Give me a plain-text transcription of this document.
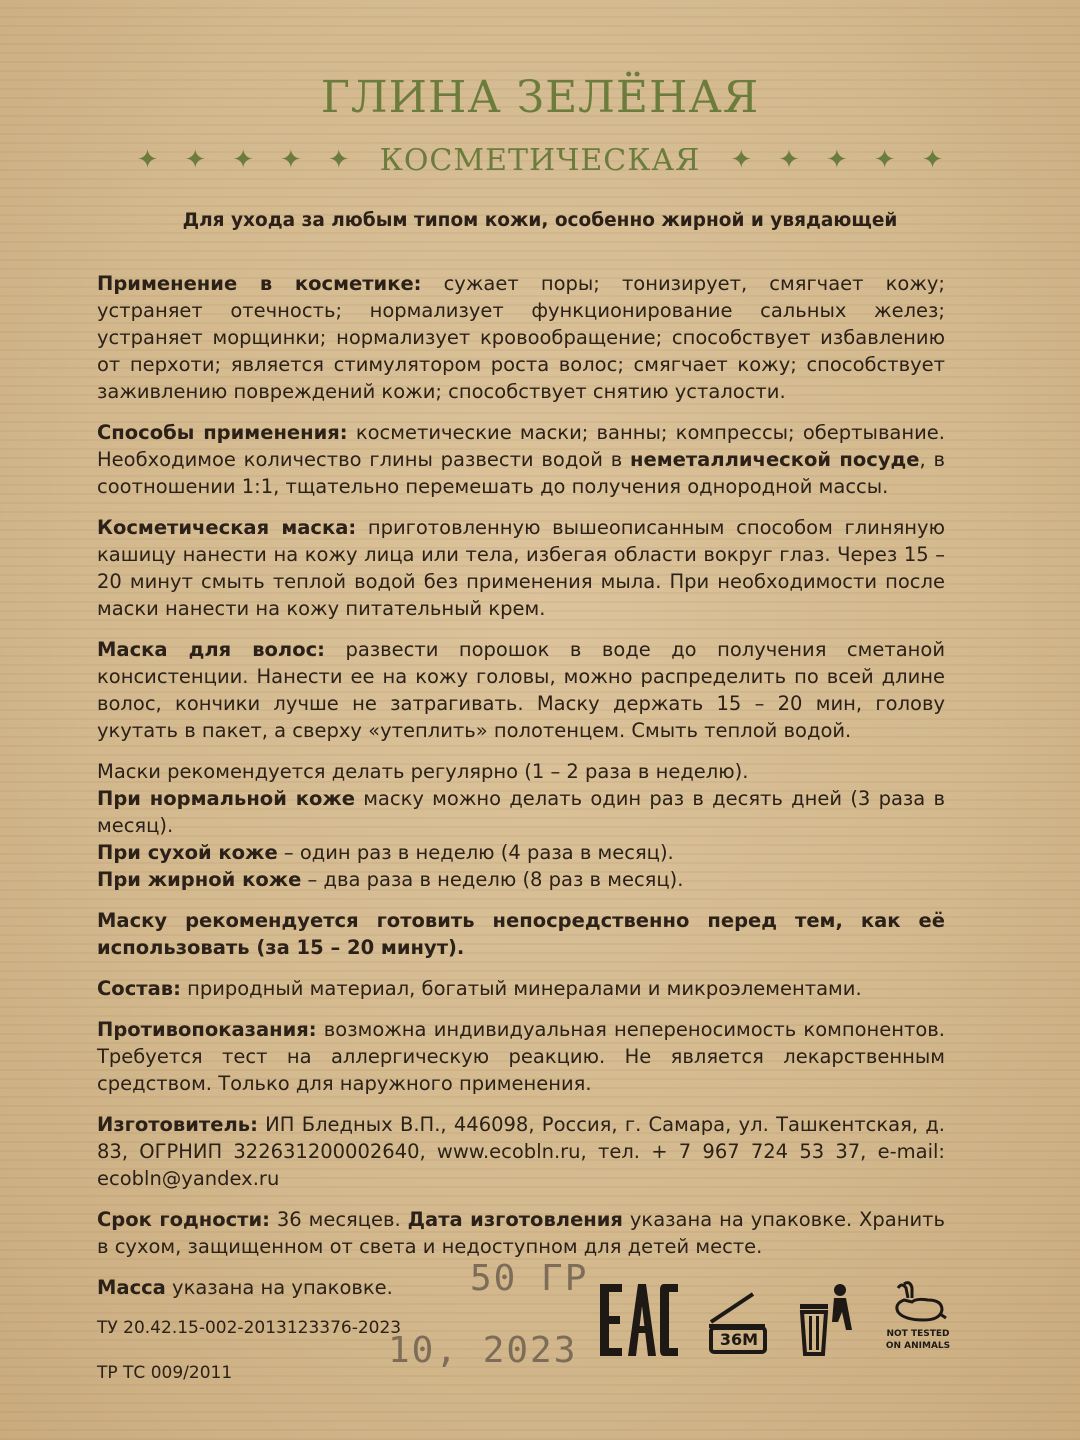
ГЛИНА ЗЕЛЁНАЯ
✦ ✦ ✦ ✦ ✦ КОСМЕТИЧЕСКАЯ ✦ ✦ ✦ ✦ ✦
Для ухода за любым типом кожи, особенно жирной и увядающей

Применение в косметике: сужает поры; тонизирует, смягчает кожу; устраняет отечность; нормализует функционирование сальных желез; устраняет морщинки; нормализует кровообращение; способствует избавлению от перхоти; является стимулятором роста волос; смягчает кожу; способствует заживлению повреждений кожи; способствует снятию усталости.

Способы применения: косметические маски; ванны; компрессы; обертывание. Необходимое количество глины развести водой в неметаллической посуде, в соотношении 1:1, тщательно перемешать до получения однородной массы.

Косметическая маска: приготовленную вышеописанным способом глиняную кашицу нанести на кожу лица или тела, избегая области вокруг глаз. Через 15 – 20 минут смыть теплой водой без применения мыла. При необходимости после маски нанести на кожу питательный крем.

Маска для волос: развести порошок в воде до получения сметаной консистенции. Нанести ее на кожу головы, можно распределить по всей длине волос, кончики лучше не затрагивать. Маску держать 15 – 20 мин, голову укутать в пакет, а сверху «утеплить» полотенцем. Смыть теплой водой.

Маски рекомендуется делать регулярно (1 – 2 раза в неделю).

При нормальной коже маску можно делать один раз в десять дней (3 раза в месяц).

При сухой коже – один раз в неделю (4 раза в месяц).

При жирной коже – два раза в неделю (8 раз в месяц).

Маску рекомендуется готовить непосредственно перед тем, как её использовать (за 15 – 20 минут).

Состав: природный материал, богатый минералами и микроэлементами.

Противопоказания: возможна индивидуальная непереносимость компонентов. Требуется тест на аллергическую реакцию. Не является лекарственным средством. Только для наружного применения.

Изготовитель: ИП Бледных В.П., 446098, Россия, г. Самара, ул. Ташкентская, д. 83, ОГРНИП 322631200002640, www.ecobln.ru, тел. + 7 967 724 53 37, e-mail: ecobln@yandex.ru

Срок годности: 36 месяцев. Дата изготовления указана на упаковке. Хранить в сухом, защищенном от света и недоступном для детей месте.

Масса указана на упаковке.

ТУ 20.42.15-002-2013123376-2023

ТР ТС 009/2011

50 ГР
10, 2023	36M	NOT TESTED ON ANIMALS
